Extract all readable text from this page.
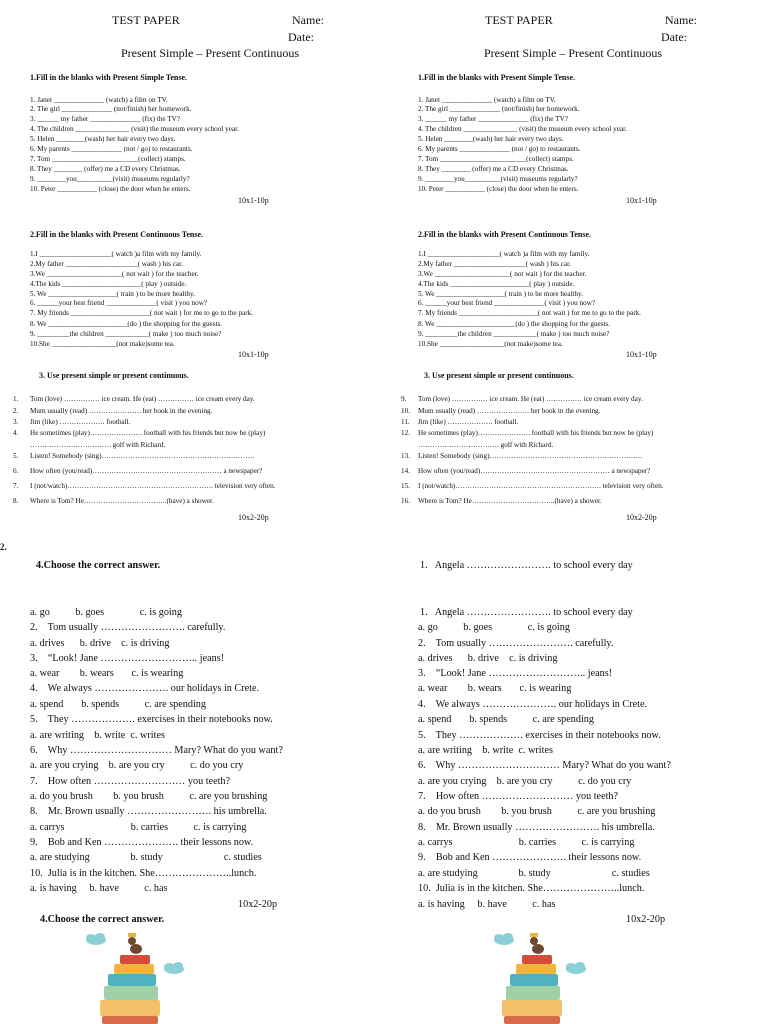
TEST PAPER	Name:
Date:
Present Simple – Present Continuous
TEST PAPER	Name:
Date:
Present Simple – Present Continuous
1.Fill in the blanks with Present Simple Tense.
1. Janet ______________ (watch) a film on TV.
2. The girl ______________ (not/finish) her homework.
3. ______ my father ______________ (fix) the TV?
4. The children _______________ (visit) the museum every school year.
5. Helen ________(wash) her hair every two days.
6. My parents ______________ (not / go) to restaurants.
7. Tom ________________________(collect) stamps.
8. They ________ (offer) me a CD every Christmas.
9. ________you__________(visit) museums regularly?
10. Peter ___________ (close) the door when he enters.
10x1-10p
1.Fill in the blanks with Present Simple Tense.
1. Janet ______________ (watch) a film on TV.
2. The girl ______________ (not/finish) her homework.
3. ______ my father ______________ (fix) the TV?
4. The children _______________ (visit) the museum every school year.
5. Helen ________(wash) her hair every two days.
6. My parents ______________ (not / go) to restaurants.
7. Tom ________________________(collect) stamps.
8. They ________ (offer) me a CD every Christmas.
9. ________you__________(visit) museums regularly?
10. Peter ___________ (close) the door when he enters.
10x1-10p
2.Fill in the blanks with Present Continuous Tense.
1.I ____________________( watch )a film with my family.
2.My father ____________________( wash ) his car.
3.We _____________________( not wait ) for the teacher.
4.The kids ______________________( play ) outside.
5. We ___________________( train ) to be more healthy.
6. ______your best friend ______________( visit ) you now?
7. My friends ______________________( not wait ) for me to go to the park.
8. We ______________________(do ) the shopping for the guests.
9. _________the children ____________( make ) too much noise?
10.She __________________(not make)some tea.
10x1-10p
2.Fill in the blanks with Present Continuous Tense.
1.I ____________________( watch )a film with my family.
2.My father ____________________( wash ) his car.
3.We _____________________( not wait ) for the teacher.
4.The kids ______________________( play ) outside.
5. We ___________________( train ) to be more healthy.
6. ______your best friend ______________( visit ) you now?
7. My friends ______________________( not wait ) for me to go to the park.
8. We ______________________(do ) the shopping for the guests.
9. _________the children ____________( make ) too much noise?
10.She __________________(not make)some tea.
10x1-10p
3. Use present simple or present continuous.
1. Tom (love) …………… ice cream. He (eat) …………… ice cream every day.
2. Mum usually (read) …………………. her book in the evening.
3. Jim (like) ………………. football.
4. He sometimes (play)…………………. football with his friends but now he (play)
……………………………. golf with Richard.
5. Listen! Somebody (sing)……………………………………………………….
6. How often (you/read)……………………………………………… a newspaper?
7. I (not/watch)……………………………………………………. television very often.
8. Where is Tom? He……………………………..(have) a shower.
10x2-20p
3. Use present simple or present continuous.
9. Tom (love) …………… ice cream. He (eat) …………… ice cream every day.
10. Mum usually (read) …………………. her book in the evening.
11. Jim (like) ………………. football.
12. He sometimes (play)…………………. football with his friends but now he (play)
……………………………. golf with Richard.
13. Listen! Somebody (sing)……………………………………………………….
14. How often (you/read)……………………………………………… a newspaper?
15. I (not/watch)……………………………………………………. television very often.
16. Where is Tom? He……………………………..(have) a shower.
10x2-20p
2.
4.Choose the correct answer.	1.   Angela ……………………. to school every day
a. go          b. goes              c. is going
2.    Tom usually ……………………. carefully.
a. drives      b. drive    c. is driving
3.    “Look! Jane ……………………….. jeans!
a. wear        b. wears       c. is wearing
4.    We always …………………. our holidays in Crete.
a. spend       b. spends          c. are spending
5.    They ………………. exercises in their notebooks now.
a. are writing    b. write  c. writes
6.    Why ………………………… Mary? What do you want?
a. are you crying    b. are you cry          c. do you cry
7.    How often ……………………… you teeth?
a. do you brush        b. you brush          c. are you brushing
8.    Mr. Brown usually ……………………. his umbrella.
a. carrys                          b. carries          c. is carrying
9.    Bob and Ken …………………. their lessons now.
a. are studying                b. study                        c. studies
10.  Julia is in the kitchen. She…………………..lunch.
a. is having     b. have          c. has
10x2-20p
4.Choose the correct answer.
1.   Angela ……………………. to school every day
a. go          b. goes              c. is going
2.    Tom usually ……………………. carefully.
a. drives      b. drive    c. is driving
3.    “Look! Jane ……………………….. jeans!
a. wear        b. wears       c. is wearing
4.    We always …………………. our holidays in Crete.
a. spend       b. spends          c. are spending
5.    They ………………. exercises in their notebooks now.
a. are writing    b. write  c. writes
6.    Why ………………………… Mary? What do you want?
a. are you crying    b. are you cry          c. do you cry
7.    How often ……………………… you teeth?
a. do you brush        b. you brush          c. are you brushing
8.    Mr. Brown usually ……………………. his umbrella.
a. carrys                          b. carries          c. is carrying
9.    Bob and Ken …………………. their lessons now.
a. are studying                b. study                        c. studies
10.  Julia is in the kitchen. She…………………..lunch.
a. is having     b. have          c. has
10x2-20p
